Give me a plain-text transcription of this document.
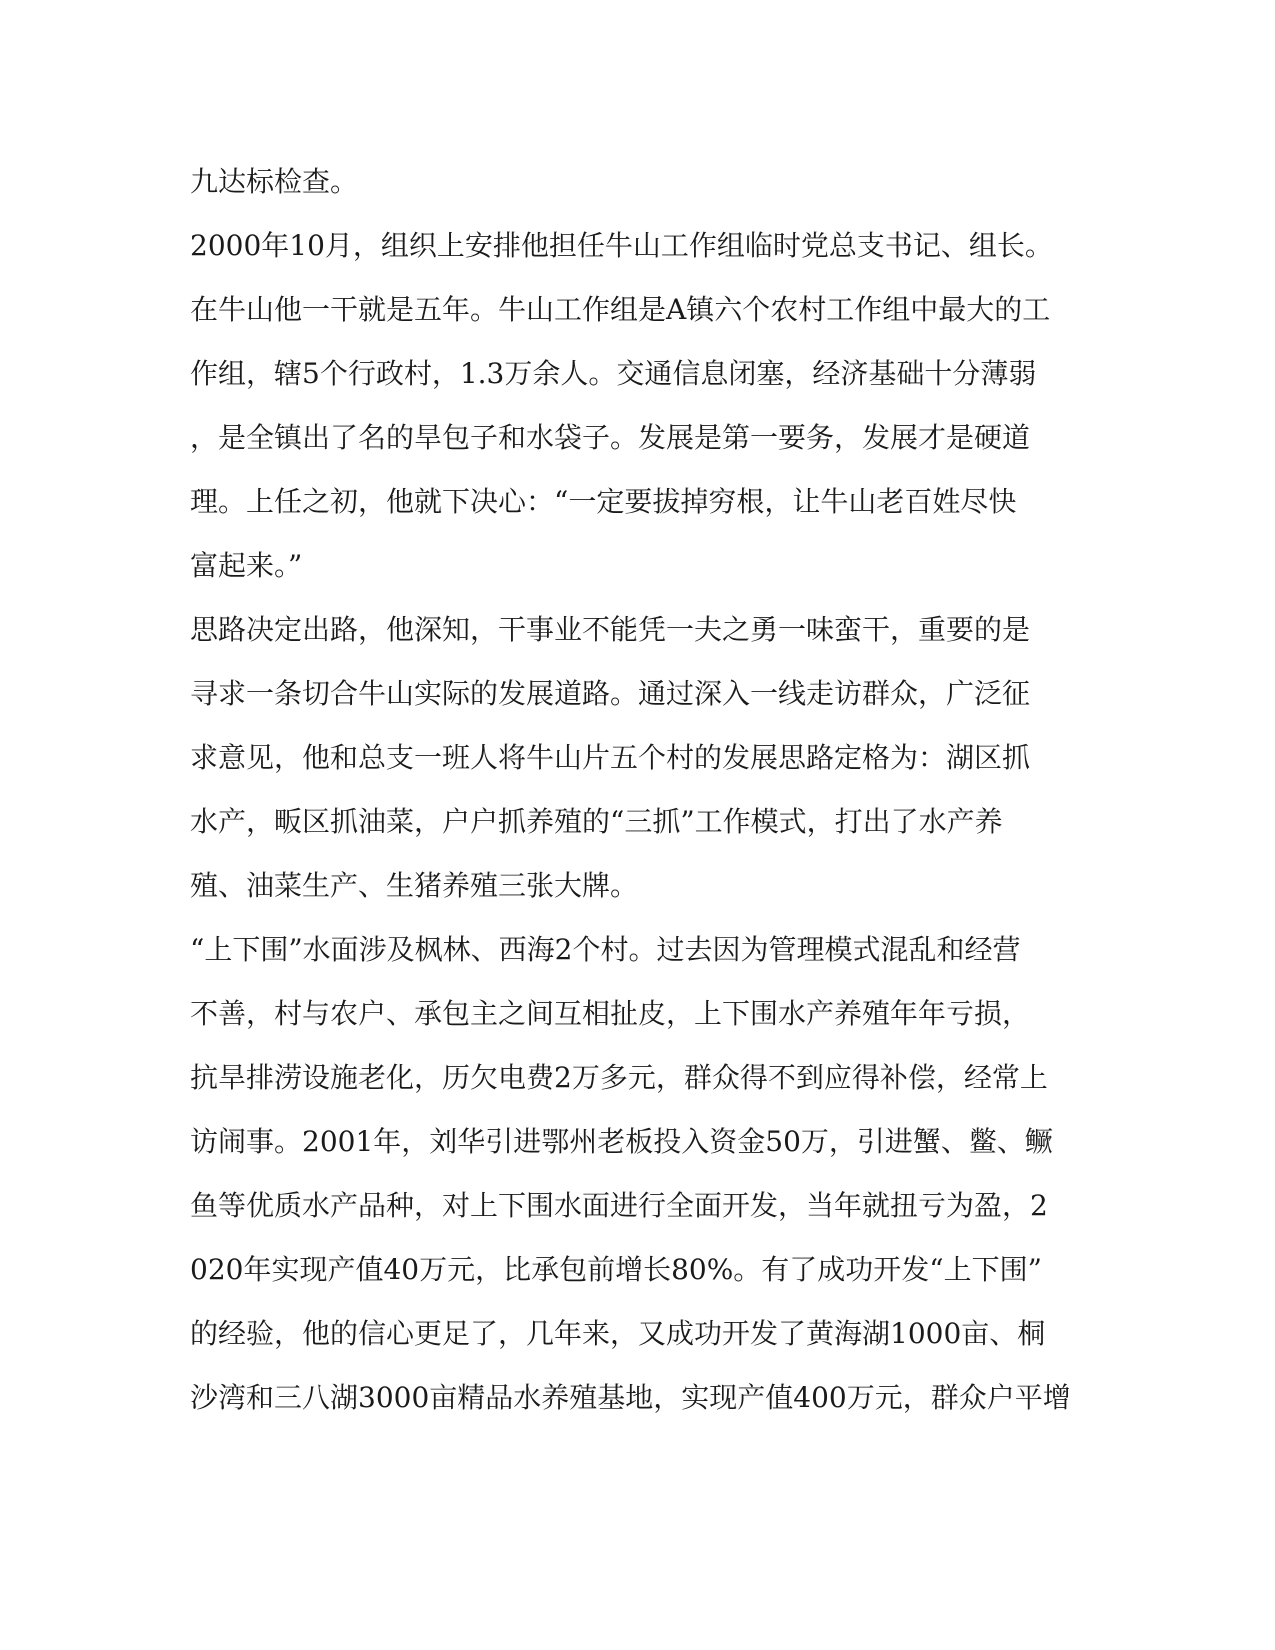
九达标检查。
2000年10月，组织上安排他担任牛山工作组临时党总支书记、组长。
在牛山他一干就是五年。牛山工作组是A镇六个农村工作组中最大的工
作组，辖5个行政村，1.3万余人。交通信息闭塞，经济基础十分薄弱
，是全镇出了名的旱包子和水袋子。发展是第一要务，发展才是硬道
理。上任之初，他就下决心：“一定要拔掉穷根，让牛山老百姓尽快
富起来。”
思路决定出路，他深知，干事业不能凭一夫之勇一味蛮干，重要的是
寻求一条切合牛山实际的发展道路。通过深入一线走访群众，广泛征
求意见，他和总支一班人将牛山片五个村的发展思路定格为：湖区抓
水产，畈区抓油菜，户户抓养殖的“三抓”工作模式，打出了水产养
殖、油菜生产、生猪养殖三张大牌。
“上下围”水面涉及枫林、西海2个村。过去因为管理模式混乱和经营
不善，村与农户、承包主之间互相扯皮，上下围水产养殖年年亏损，
抗旱排涝设施老化，历欠电费2万多元，群众得不到应得补偿，经常上
访闹事。2001年，刘华引进鄂州老板投入资金50万，引进蟹、鳖、鳜
鱼等优质水产品种，对上下围水面进行全面开发，当年就扭亏为盈，2
020年实现产值40万元，比承包前增长80%。有了成功开发“上下围”
的经验，他的信心更足了，几年来，又成功开发了黄海湖1000亩、桐
沙湾和三八湖3000亩精品水养殖基地，实现产值400万元，群众户平增
